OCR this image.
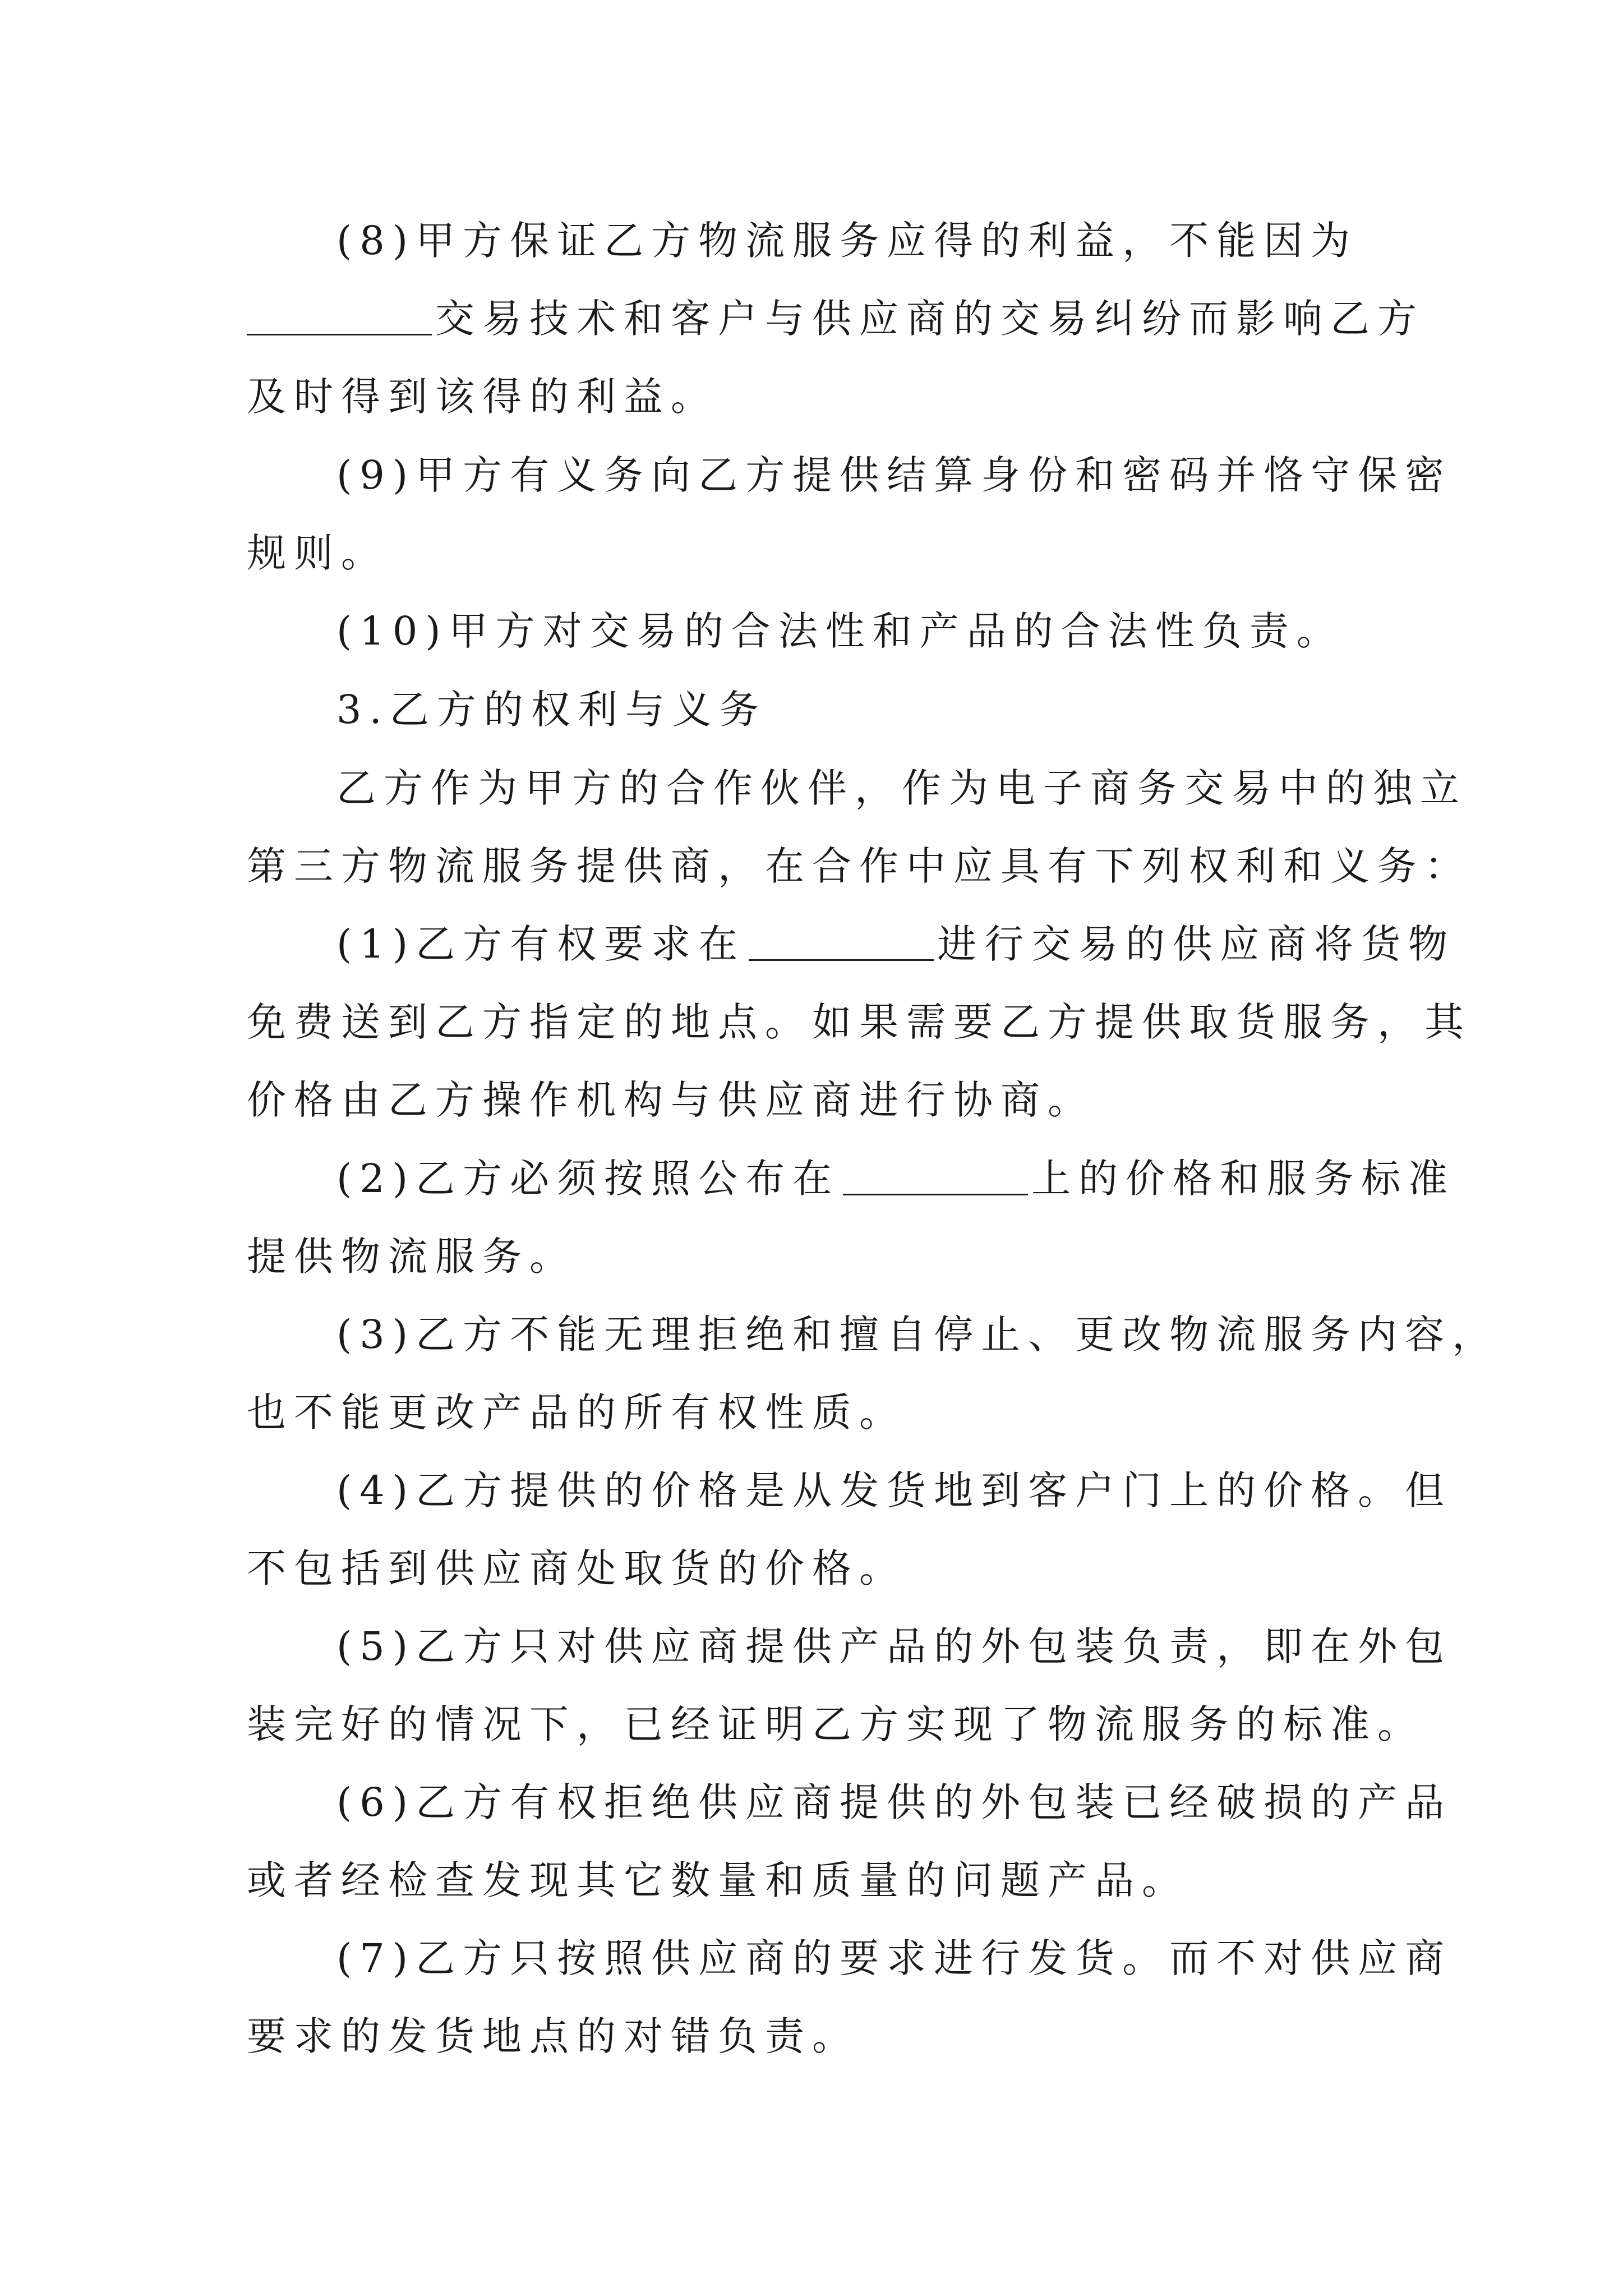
(8)甲方保证乙方物流服务应得的利益，不能因为
交易技术和客户与供应商的交易纠纷而影响乙方
及时得到该得的利益。
(9)甲方有义务向乙方提供结算身份和密码并恪守保密
规则。
(10)甲方对交易的合法性和产品的合法性负责。
3.乙方的权利与义务
乙方作为甲方的合作伙伴，作为电子商务交易中的独立
第三方物流服务提供商，在合作中应具有下列权利和义务：
(1)乙方有权要求在	进行交易的供应商将货物
免费送到乙方指定的地点。如果需要乙方提供取货服务，其
价格由乙方操作机构与供应商进行协商。
(2)乙方必须按照公布在	上的价格和服务标准
提供物流服务。
(3)乙方不能无理拒绝和擅自停止、更改物流服务内容，
也不能更改产品的所有权性质。
(4)乙方提供的价格是从发货地到客户门上的价格。但
不包括到供应商处取货的价格。
(5)乙方只对供应商提供产品的外包装负责，即在外包
装完好的情况下，已经证明乙方实现了物流服务的标准。
(6)乙方有权拒绝供应商提供的外包装已经破损的产品
或者经检查发现其它数量和质量的问题产品。
(7)乙方只按照供应商的要求进行发货。而不对供应商
要求的发货地点的对错负责。
